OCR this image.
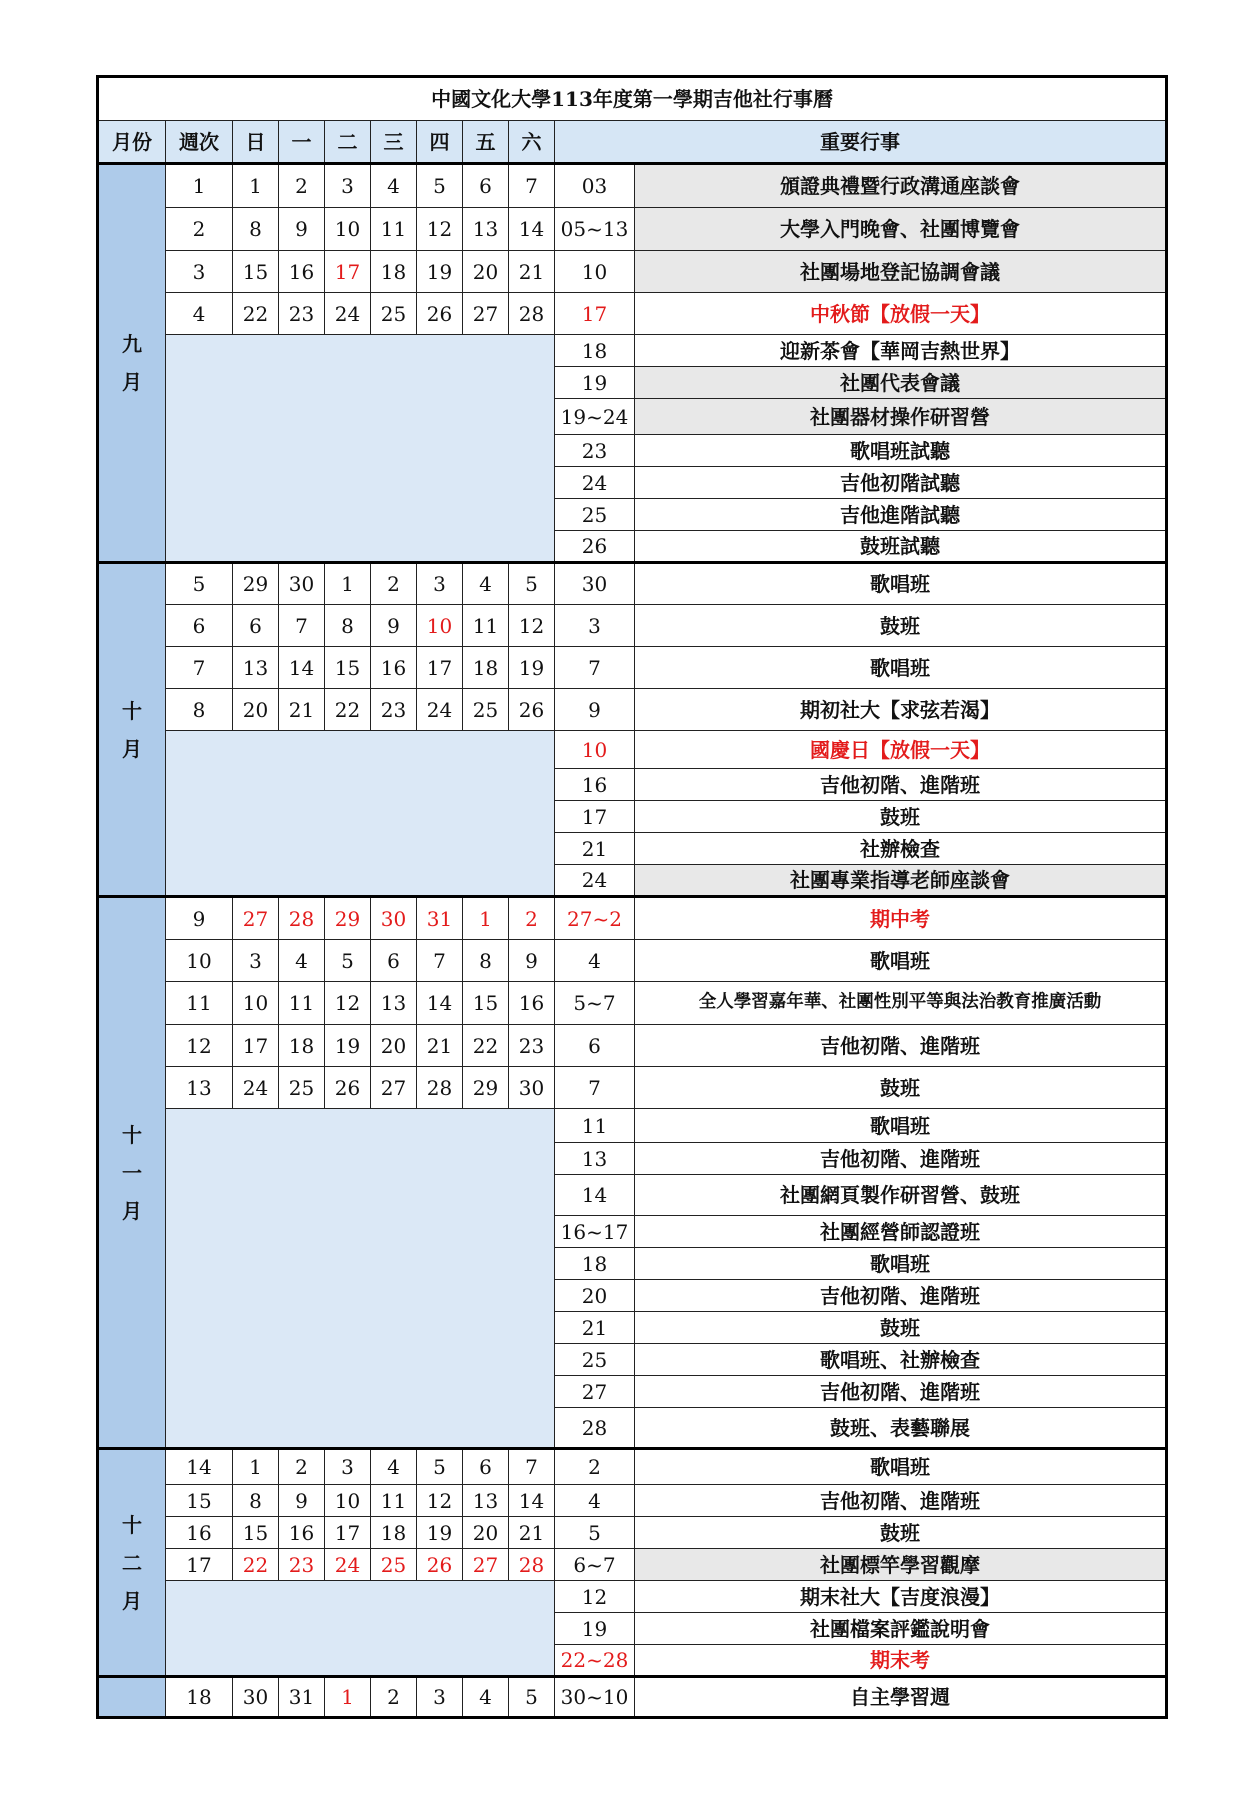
中國文化大學113年度第一學期吉他社行事曆										
月份	週次	日	一	二	三	四	五	六	重要行事	
九月	1	1	2	3	4	5	6	7	03	頒證典禮暨行政溝通座談會
	2	8	9	10	11	12	13	14	05~13	大學入門晚會、社團博覽會
	3	15	16	17	18	19	20	21	10	社團場地登記協調會議
	4	22	23	24	25	26	27	28	17	中秋節【放假一天】
									18	迎新茶會【華岡吉熱世界】
									19	社團代表會議
									19~24	社團器材操作研習營
									23	歌唱班試聽
									24	吉他初階試聽
									25	吉他進階試聽
									26	鼓班試聽
十月	5	29	30	1	2	3	4	5	30	歌唱班
	6	6	7	8	9	10	11	12	3	鼓班
	7	13	14	15	16	17	18	19	7	歌唱班
	8	20	21	22	23	24	25	26	9	期初社大【求弦若渴】
									10	國慶日【放假一天】
									16	吉他初階、進階班
									17	鼓班
									21	社辦檢查
									24	社團專業指導老師座談會
十一月	9	27	28	29	30	31	1	2	27~2	期中考
	10	3	4	5	6	7	8	9	4	歌唱班
	11	10	11	12	13	14	15	16	5~7	全人學習嘉年華、社團性別平等與法治教育推廣活動
	12	17	18	19	20	21	22	23	6	吉他初階、進階班
	13	24	25	26	27	28	29	30	7	鼓班
									11	歌唱班
									13	吉他初階、進階班
									14	社團網頁製作研習營、鼓班
									16~17	社團經營師認證班
									18	歌唱班
									20	吉他初階、進階班
									21	鼓班
									25	歌唱班、社辦檢查
									27	吉他初階、進階班
									28	鼓班、表藝聯展
十二月	14	1	2	3	4	5	6	7	2	歌唱班
	15	8	9	10	11	12	13	14	4	吉他初階、進階班
	16	15	16	17	18	19	20	21	5	鼓班
	17	22	23	24	25	26	27	28	6~7	社團標竿學習觀摩
									12	期末社大【吉度浪漫】
									19	社團檔案評鑑說明會
									22~28	期末考
	18	30	31	1	2	3	4	5	30~10	自主學習週
